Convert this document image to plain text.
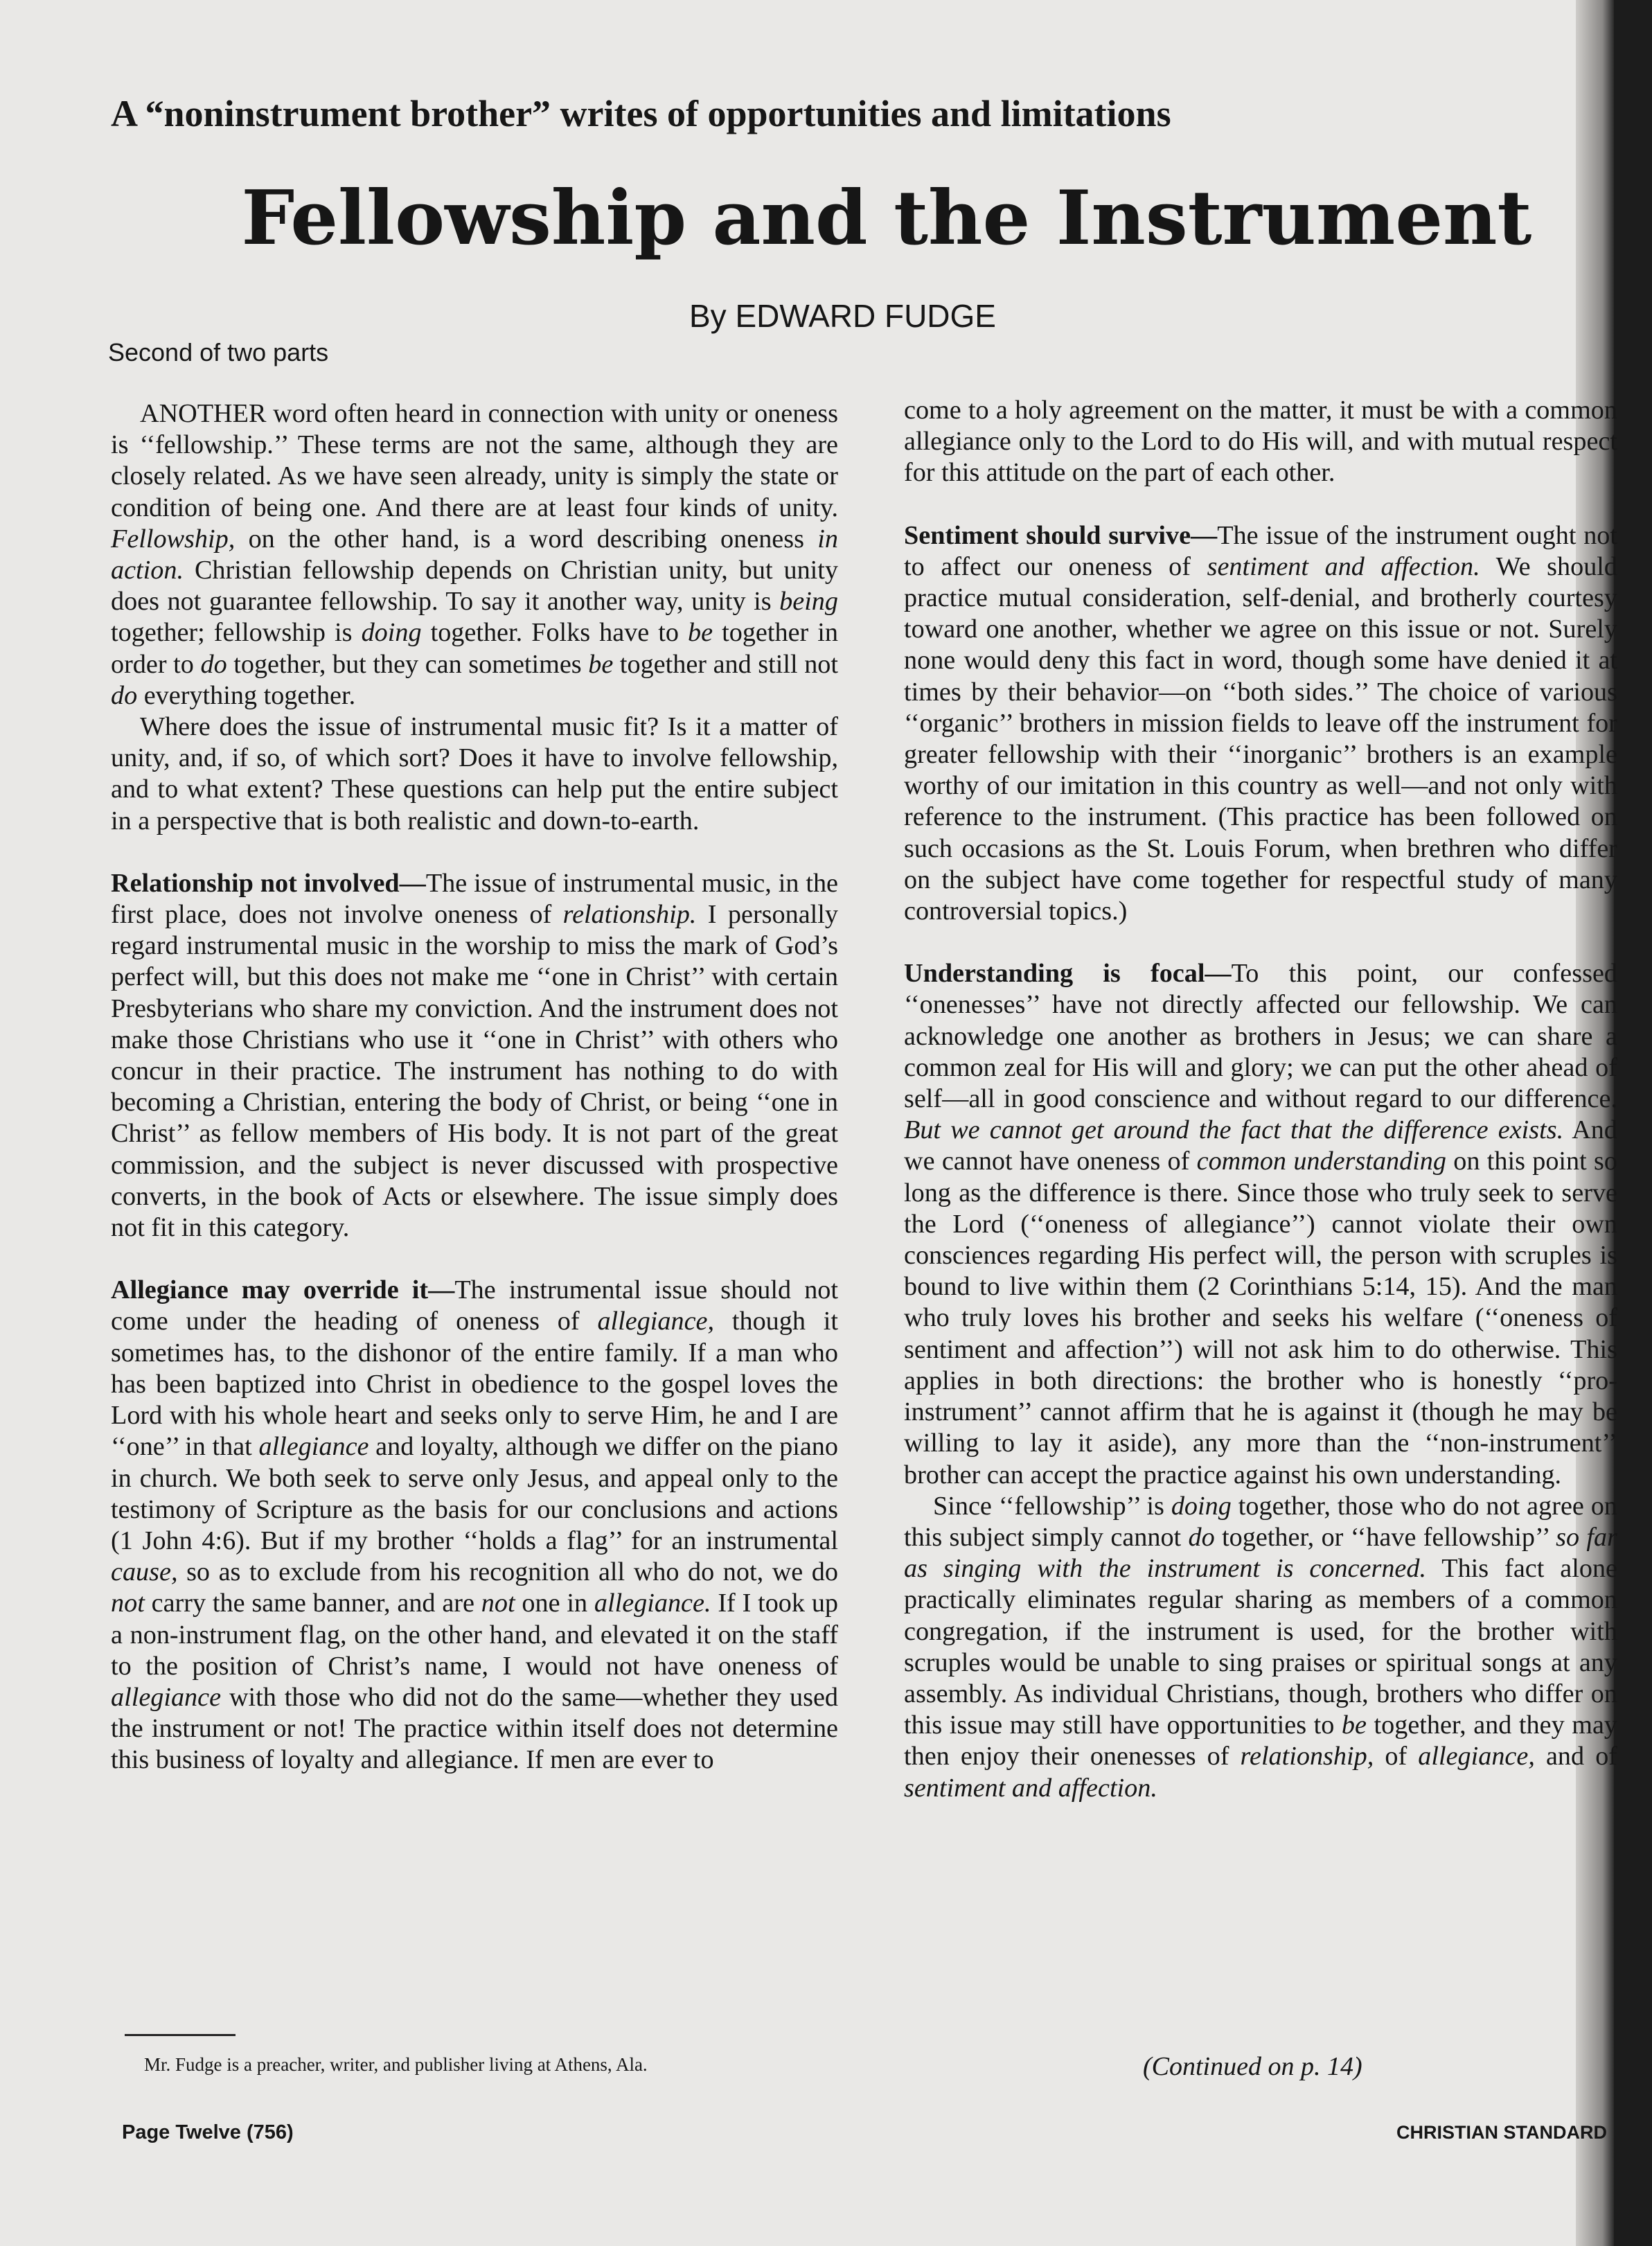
A “noninstrument brother” writes of opportunities and limitations
Fellowship and the Instrument
By EDWARD FUDGE
Second of two parts

ANOTHER word often heard in connection with unity or oneness is ‘‘fellowship.’’ These terms are not the same, although they are closely related. As we have seen already, unity is simply the state or condition of being one. And there are at least four kinds of unity. Fellowship, on the other hand, is a word describing oneness in action. Christian fellowship depends on Christian unity, but unity does not guarantee fellowship. To say it another way, unity is being together; fellowship is doing together. Folks have to be together in order to do together, but they can sometimes be together and still not do everything together.

Where does the issue of instrumental music fit? Is it a matter of unity, and, if so, of which sort? Does it have to involve fellowship, and to what extent? These questions can help put the entire subject in a perspective that is both realistic and down-to-earth.

Relationship not involved—The issue of instrumental music, in the first place, does not involve oneness of relationship. I personally regard instrumental music in the worship to miss the mark of God’s perfect will, but this does not make me ‘‘one in Christ’’ with certain Presbyterians who share my conviction. And the instrument does not make those Christians who use it ‘‘one in Christ’’ with others who concur in their practice. The instrument has nothing to do with becoming a Christian, entering the body of Christ, or being ‘‘one in Christ’’ as fellow members of His body. It is not part of the great commission, and the subject is never discussed with prospective converts, in the book of Acts or elsewhere. The issue simply does not fit in this category.

Allegiance may override it—The instrumental issue should not come under the heading of oneness of allegiance, though it sometimes has, to the dishonor of the entire family. If a man who has been baptized into Christ in obedience to the gospel loves the Lord with his whole heart and seeks only to serve Him, he and I are ‘‘one’’ in that allegiance and loyalty, although we differ on the piano in church. We both seek to serve only Jesus, and appeal only to the testimony of Scripture as the basis for our conclusions and actions (1 John 4:6). But if my brother ‘‘holds a flag’’ for an instrumental cause, so as to exclude from his recognition all who do not, we do not carry the same banner, and are not one in allegiance. If I took up a non-instrument flag, on the other hand, and elevated it on the staff to the position of Christ’s name, I would not have oneness of allegiance with those who did not do the same—whether they used the instrument or not! The practice within itself does not determine this business of loyalty and allegiance. If men are ever to

come to a holy agreement on the matter, it must be with a common allegiance only to the Lord to do His will, and with mutual respect for this attitude on the part of each other.

Sentiment should survive—The issue of the instrument ought not to affect our oneness of sentiment and affection. We should practice mutual consideration, self-denial, and brotherly courtesy toward one another, whether we agree on this issue or not. Surely none would deny this fact in word, though some have denied it at times by their behavior—on ‘‘both sides.’’ The choice of various ‘‘organic’’ brothers in mission fields to leave off the instrument for greater fellowship with their ‘‘inorganic’’ brothers is an example worthy of our imitation in this country as well—and not only with reference to the instrument. (This practice has been followed on such occasions as the St. Louis Forum, when brethren who differ on the subject have come together for respectful study of many controversial topics.)

Understanding is focal—To this point, our confessed ‘‘onenesses’’ have not directly affected our fellowship. We can acknowledge one another as brothers in Jesus; we can share a common zeal for His will and glory; we can put the other ahead of self—all in good conscience and without regard to our difference. But we cannot get around the fact that the difference exists. And we cannot have oneness of common understanding on this point so long as the difference is there. Since those who truly seek to serve the Lord (‘‘oneness of allegiance’’) cannot violate their own consciences regarding His perfect will, the person with scruples is bound to live within them (2 Corinthians 5:14, 15). And the man who truly loves his brother and seeks his welfare (‘‘oneness of sentiment and affection’’) will not ask him to do otherwise. This applies in both directions: the brother who is honestly ‘‘pro-instrument’’ cannot affirm that he is against it (though he may be willing to lay it aside), any more than the ‘‘non-instrument’’ brother can accept the practice against his own understanding.

Since ‘‘fellowship’’ is doing together, those who do not agree on this subject simply cannot do together, or ‘‘have fellowship’’ so far as singing with the instrument is concerned. This fact alone practically eliminates regular sharing as members of a common congregation, if the instrument is used, for the brother with scruples would be unable to sing praises or spiritual songs at any assembly. As individual Christians, though, brothers who differ on this issue may still have opportunities to be together, and they may then enjoy their onenesses of relationship, of allegiance, and of sentiment and affection.

Mr. Fudge is a preacher, writer, and publisher living at Athens, Ala.	(Continued on p. 14)
Page Twelve (756)	CHRISTIAN STANDARD
